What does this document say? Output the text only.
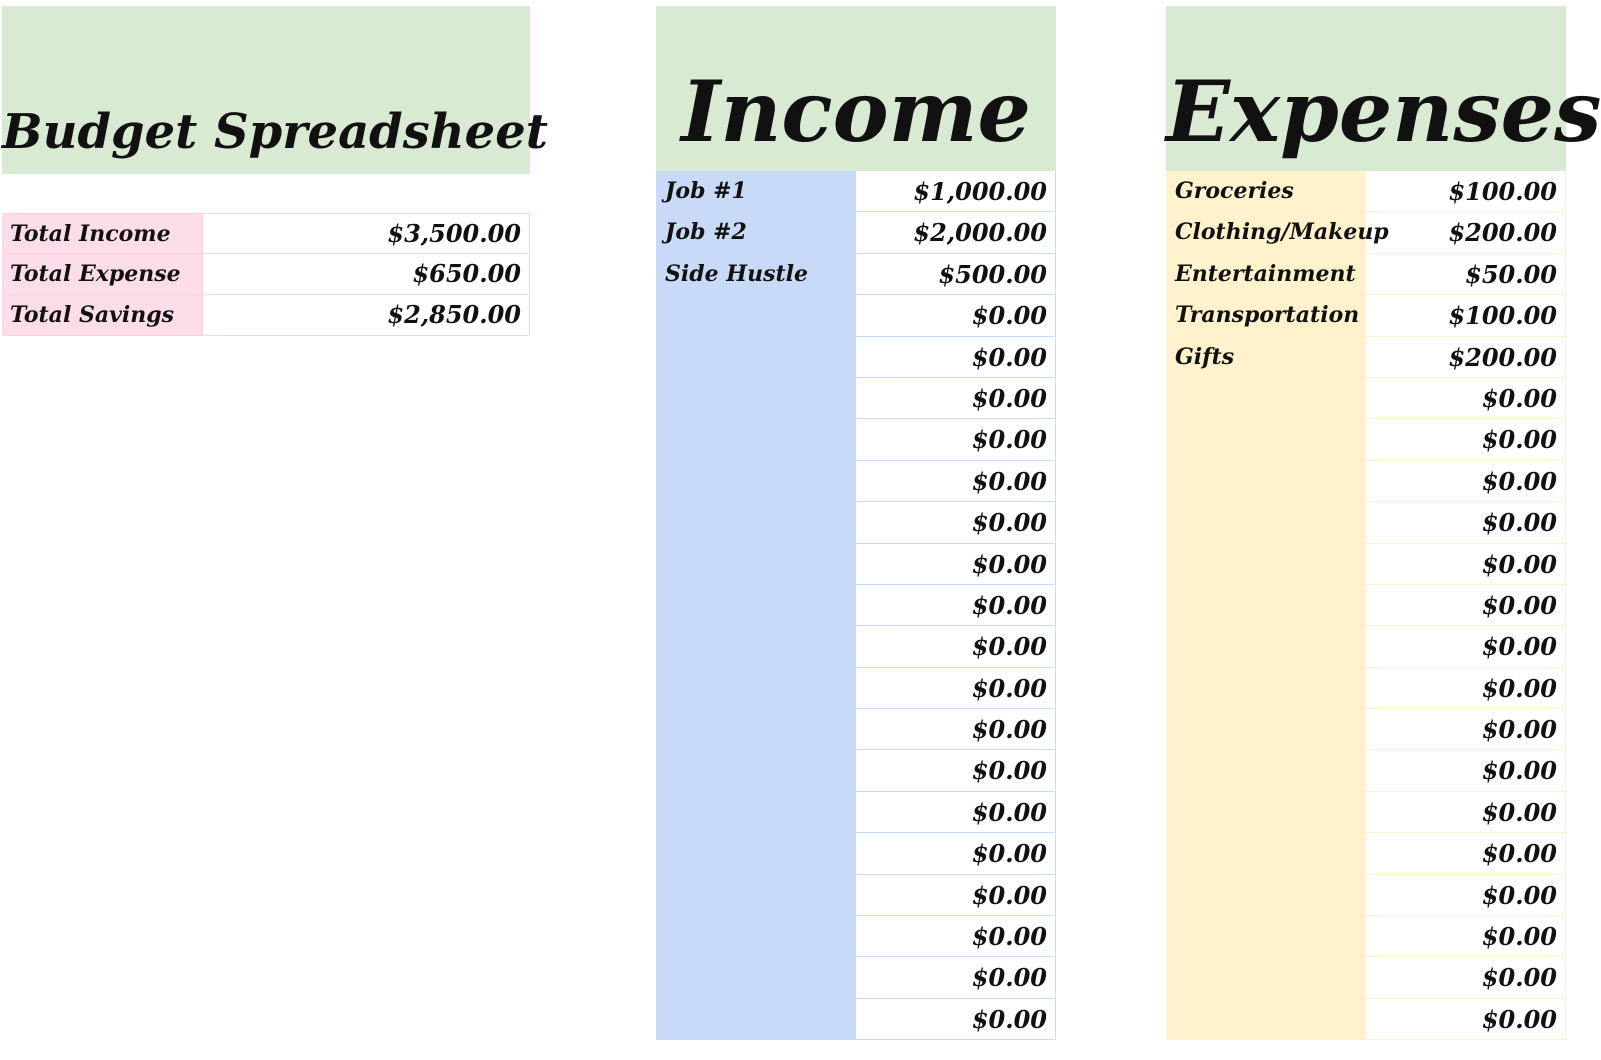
Budget Spreadsheet
Total Income	$3,500.00
Total Expense	$650.00
Total Savings	$2,850.00
Income Expenses
Job #1	$1,000.00
Job #2	$2,000.00
Side Hustle	$500.00
$0.00
$0.00
$0.00
$0.00
$0.00
$0.00
$0.00
$0.00
$0.00
$0.00
$0.00
$0.00
$0.00
$0.00
$0.00
$0.00
$0.00
$0.00
Groceries	$100.00
Clothing/Makeup	$200.00
Entertainment	$50.00
Transportation	$100.00
Gifts	$200.00
$0.00
$0.00
$0.00
$0.00
$0.00
$0.00
$0.00
$0.00
$0.00
$0.00
$0.00
$0.00
$0.00
$0.00
$0.00
$0.00
